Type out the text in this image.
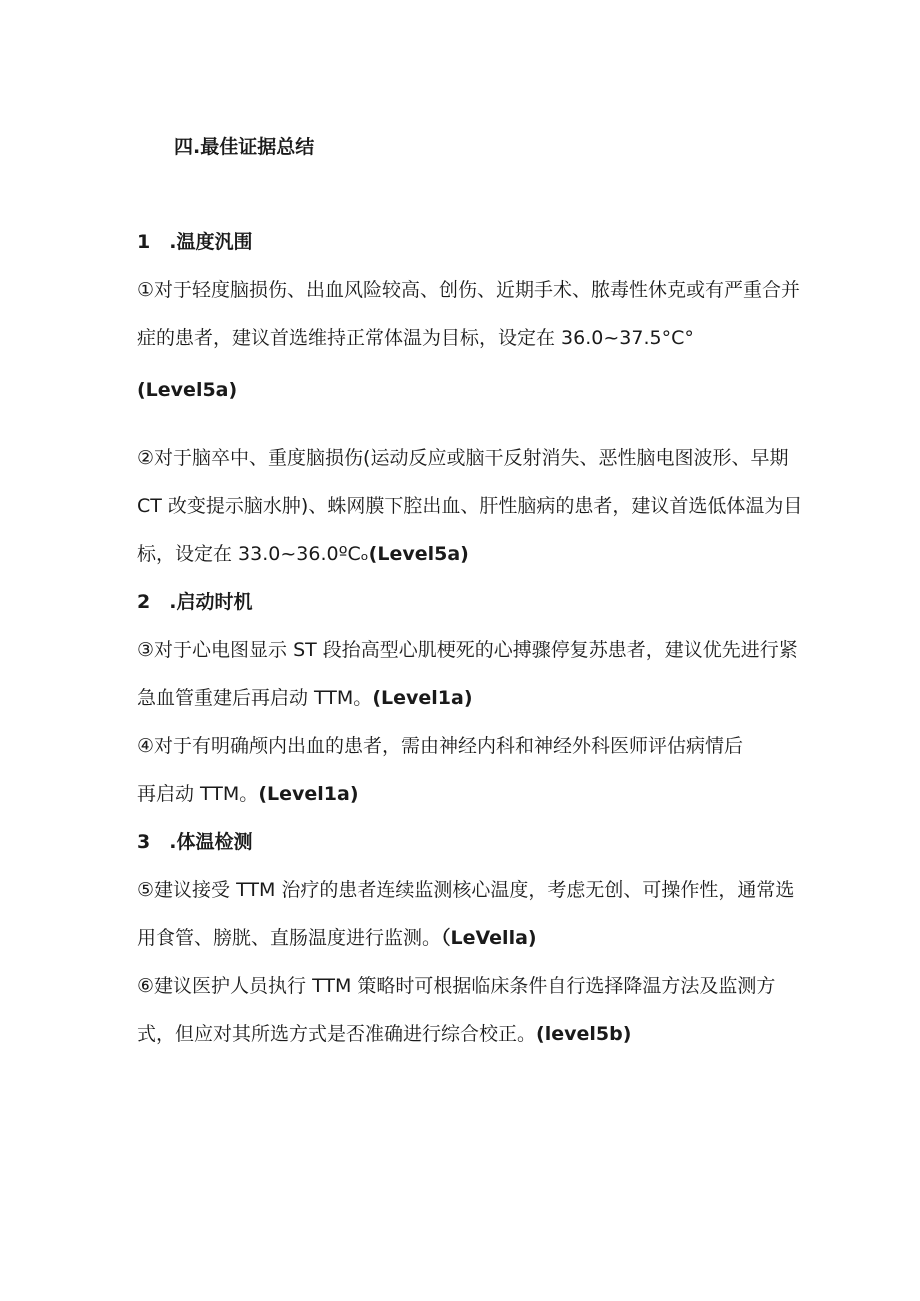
四.最佳证据总结

1 .温度汎围

①对于轻度脑损伤、出血风险较高、创伤、近期手术、脓毒性休克或有严重合并

症的患者，建议首选维持正常体温为目标，设定在 36.0~37.5°C°

(Level5a)

②对于脑卒中、重度脑损伤(运动反应或脑干反射消失、恶性脑电图波形、早期

CT 改变提示脑水肿)、蛛网膜下腔出血、肝性脑病的患者，建议首选低体温为目

标，设定在 33.0~36.0ºCₒ(Level5a)

2 .启动时机

③对于心电图显示 ST 段抬高型心肌梗死的心搏骤停复苏患者，建议优先进行紧

急血管重建后再启动 TTM。(Level1a)

④对于有明确颅内出血的患者，需由神经内科和神经外科医师评估病情后

再启动 TTM。(Level1a)

3 .体温检测

⑤建议接受 TTM 治疗的患者连续监测核心温度，考虑无创、可操作性，通常选

用食管、膀胱、直肠温度进行监测。（LeVella)

⑥建议医护人员执行 TTM 策略时可根据临床条件自行选择降温方法及监测方

式，但应对其所选方式是否准确进行综合校正。(level5b)
